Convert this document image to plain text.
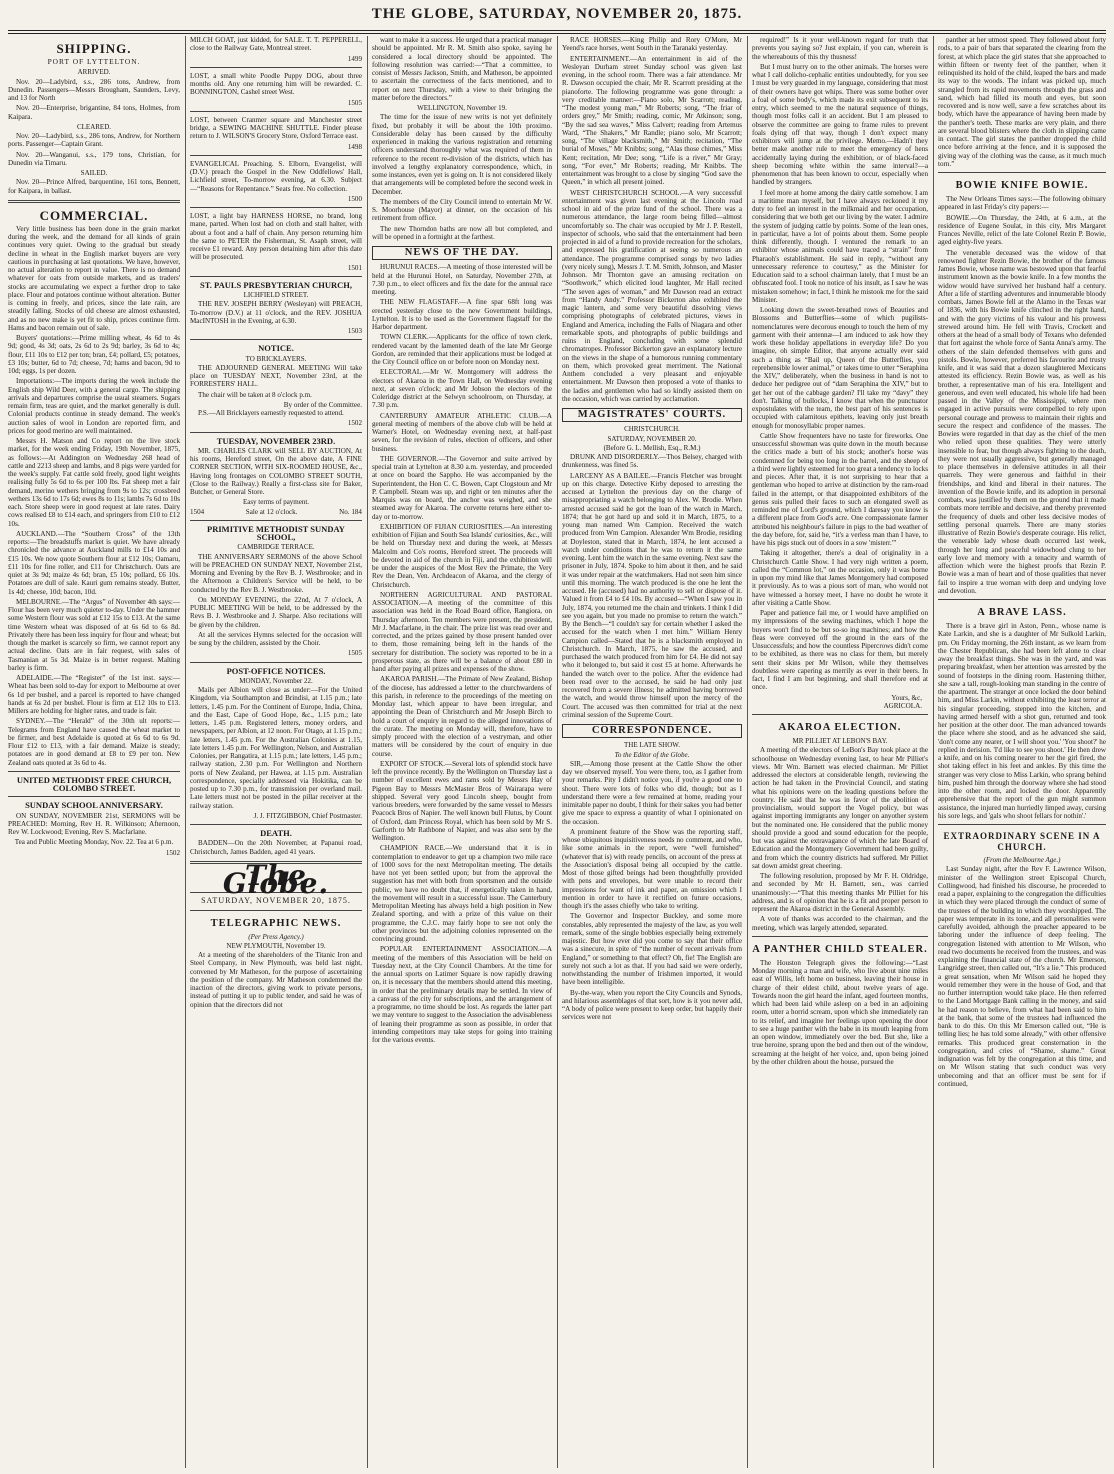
THE GLOBE, SATURDAY, NOVEMBER 20, 1875.
SHIPPING.
PORT OF LYTTELTON.
ARRIVED.

Nov. 20—Ladybird, s.s., 286 tons, Andrew, from Dunedin. Passengers—Messrs Brougham, Saunders, Levy, and 13 for North

Nov. 20—Enterprise, brigantine, 84 tons, Holmes, from Kaipara.

CLEARED.

Nov. 20—Ladybird, s.s., 286 tons, Andrew, for Northern ports. Passenger—Captain Grant.

Nov. 20—Wanganui, s.s., 179 tons, Christian, for Dunedin via Timaru.

SAILED.

Nov. 20—Prince Alfred, barquentine, 161 tons, Bennett, for Kaipara, in ballast.

COMMERCIAL.

Very little business has been done in the grain market during the week, and the demand for all kinds of grain continues very quiet. Owing to the gradual but steady decline in wheat in the English market buyers are very cautious in purchasing at last quotations. We have, however, no actual alteration to report in value. There is no demand whatever for oats from outside markets, and as traders' stocks are accumulating we expect a further drop to take place. Flour and potatoes continue without alteration. Butter is coming in freely, and prices, since the late rain, are steadily falling. Stocks of old cheese are almost exhausted, and as no new make is yet fit to ship, prices continue firm. Hams and bacon remain out of sale.

Buyers' quotations:—Prime milling wheat, 4s 6d to 4s 9d; good, 4s 3d; oats, 2s 6d to 2s 9d; barley, 3s 6d to 4s; flour, £11 10s to £12 per ton; bran, £4; pollard, £5; potatoes, £3 10s; butter, 6d to 7d; cheese, 7d; hams and bacon, 9d to 10d; eggs, 1s per dozen.

Importations:—The imports during the week include the English ship Wild Deer, with a general cargo. The shipping arrivals and departures comprise the usual steamers. Sugars remain firm, teas are quiet, and the market generally is dull. Colonial products continue in steady demand. The week's auction sales of wool in London are reported firm, and prices for good merino are well maintained.

Messrs H. Matson and Co report on the live stock market, for the week ending Friday, 19th November, 1875, as follows:—At Addington on Wednesday 268 head of cattle and 2213 sheep and lambs, and 8 pigs were yarded for the week's supply. Fat cattle sold freely, good light weights realising fully 5s 6d to 6s per 100 lbs. Fat sheep met a fair demand, merino wethers bringing from 9s to 12s; crossbred wethers 13s 6d to 17s 6d; ewes 8s to 11s; lambs 7s 6d to 10s each. Store sheep were in good request at late rates. Dairy cows realised £8 to £14 each, and springers from £10 to £12 10s.

AUCKLAND.—The “Southern Cross” of the 13th reports:—The breadstuffs market is quiet. We have already chronicled the advance at Auckland mills to £14 10s and £15 10s. We now quote Southern flour at £12 10s; Oamaru, £11 10s for fine roller, and £11 for Christchurch. Oats are quiet at 3s 9d; maize 4s 6d; bran, £5 10s; pollard, £6 10s. Potatoes are dull of sale. Kauri gum remains steady. Butter, 1s 4d; cheese, 10d; bacon, 10d.

MELBOURNE.—The “Argus” of November 4th says:—Flour has been very much quieter to-day. Under the hammer some Western flour was sold at £12 15s to £13. At the same time Western wheat was disposed of at 6s 6d to 6s 8d. Privately there has been less inquiry for flour and wheat; but though the market is scarcely so firm, we cannot report any actual decline. Oats are in fair request, with sales of Tasmanian at 5s 3d. Maize is in better request. Malting barley is firm.

ADELAIDE.—The “Register” of the 1st inst. says:—Wheat has been sold to-day for export to Melbourne at over 6s 1d per bushel, and a parcel is reported to have changed hands at 6s 2d per bushel. Flour is firm at £12 10s to £13. Millers are holding for higher rates, and trade is fair.

SYDNEY.—The “Herald” of the 30th ult reports:—Telegrams from England have caused the wheat market to be firmer, and best Adelaide is quoted at 6s 6d to 6s 9d. Flour £12 to £13, with a fair demand. Maize is steady; potatoes are in good demand at £8 to £9 per ton. New Zealand oats quoted at 3s 6d to 4s.

UNITED METHODIST FREE CHURCH, COLOMBO STREET.
SUNDAY SCHOOL ANNIVERSARY.

ON SUNDAY, NOVEMBER 21st, SERMONS will be PREACHED: Morning, Rev H. R. Wilkinson; Afternoon, Rev W. Lockwood; Evening, Rev S. Macfarlane.

Tea and Public Meeting Monday, Nov. 22. Tea at 6 p.m.

1502

MILCH GOAT, just kidded, for SALE. T. T. PEPPERELL, close to the Railway Gate, Montreal street.

1499

LOST, a small white Poodle Puppy DOG, about three months old. Any one returning him will be rewarded. C. BONNINGTON, Cashel street West.

1505

LOST, between Cranmer square and Manchester street bridge, a SEWING MACHINE SHUTTLE. Finder please return to J. WILSON'S Grocery Store, Oxford Terrace east.

1498

EVANGELICAL Preaching. S. Elborn, Evangelist, will (D.V.) preach the Gospel in the New Oddfellows' Hall, Lichfield street, To-morrow evening, at 6.30. Subject—“Reasons for Repentance.” Seats free. No collection.

1500

LOST, a light bay HARNESS HORSE, no brand, long mane, parted. When lost had on cloth and stall halter, with about a foot and a half of chain. Any person returning him the same to PETER the Fisherman, St. Asaph street, will receive £1 reward. Any person detaining him after this date will be prosecuted.

1501
ST. PAULS PRESBYTERIAN CHURCH,
LICHFIELD STREET.

THE REV. JOSEPH BERRY (Wesleyan) will PREACH, To-morrow (D.V.) at 11 o'clock, and the REV. JOSHUA MacINTOSH in the Evening, at 6.30.

1503
NOTICE.
TO BRICKLAYERS.

THE ADJOURNED GENERAL MEETING Will take place on TUESDAY NEXT, November 23rd, at the FORRESTERS' HALL.

The chair will be taken at 8 o'clock p.m.

By order of the Committee.

P.S.—All Bricklayers earnestly requested to attend.

1502
TUESDAY, NOVEMBER 23RD.

MR. CHARLES CLARK will SELL BY AUCTION, At his rooms, Hereford street, On the above date, A FINE CORNER SECTION, WITH SIX-ROOMED HOUSE, &c., Having long frontages on COLOMBO STREET SOUTH, (Close to the Railway.) Really a first-class site for Baker, Butcher, or General Store.

Easy terms of payment.
1504	Sale at 12 o'clock.	No. 184
PRIMITIVE METHODIST SUNDAY SCHOOL,
CAMBRIDGE TERRACE.

THE ANNIVERSARY SERMONS of the above School will be PREACHED ON SUNDAY NEXT, November 21st, Morning and Evening by the Rev B. J. Westbrooke; and in the Afternoon a Children's Service will be held, to be conducted by the Rev B. J. Westbrooke.

On MONDAY EVENING, the 22nd, At 7 o'clock, A PUBLIC MEETING Will be held, to be addressed by the Revs B. J. Westbrooke and J. Sharpe. Also recitations will be given by the children.

At all the services Hymns selected for the occasion will be sung by the children, assisted by the Choir.

1505
POST-OFFICE NOTICES.
MONDAY, November 22.

Mails per Albion will close as under:—For the United Kingdom, via Southampton and Brindisi, at 1.15 p.m.; late letters, 1.45 p.m. For the Continent of Europe, India, China, and the East, Cape of Good Hope, &c., 1.15 p.m.; late letters, 1.45 p.m. Registered letters, money orders, and newspapers, per Albion, at 12 noon. For Otago, at 1.15 p.m.; late letters, 1.45 p.m. For the Australian Colonies at 1.15, late letters 1.45 p.m. For Wellington, Nelson, and Australian Colonies, per Rangatira, at 1.15 p.m.; late letters, 1.45 p.m.; railway station, 2.30 p.m. For Wellington and Northern ports of New Zealand, per Hawea, at 1.15 p.m. Australian correspondence, specially addressed via Hokitika, can be posted up to 7.30 p.m., for transmission per overland mail. Late letters must not be posted in the pillar receiver at the railway station.

J. J. FITZGIBBON, Chief Postmaster.
DEATH.

BADDEN—On the 20th November, at Papanui road, Christchurch, James Badden, aged 41 years.

The Globe.
SATURDAY, NOVEMBER 20, 1875.
TELEGRAPHIC NEWS.
(Per Press Agency.)
NEW PLYMOUTH, November 19.

At a meeting of the shareholders of the Titanic Iron and Steel Company, in New Plymouth, was held last night, convened by Mr Matheson, for the purpose of ascertaining the position of the company. Mr Matheson condemned the inaction of the directors, giving work to private persons, instead of putting it up to public tender, and said he was of opinion that the directors did not

want to make it a success. He urged that a practical manager should be appointed. Mr R. M. Smith also spoke, saying he considered a local directory should be appointed. The following resolution was carried:—“That a committee, to consist of Messrs Jackson, Smith, and Matheson, be appointed to ascertain the correctness of the facts mentioned, and to report on next Thursday, with a view to their bringing the matter before the directors.”

WELLINGTON, November 19.

The time for the issue of new writs is not yet definitely fixed, but probably it will be about the 10th proximo. Considerable delay has been caused by the difficulty experienced in making the various registration and returning officers understand thoroughly what was required of them in reference to the recent re-division of the districts, which has involved a lengthy explanatory correspondence, which, in some instances, even yet is going on. It is not considered likely that arrangements will be completed before the second week in December.

The members of the City Council intend to entertain Mr W. S. Moorhouse (Mayor) at dinner, on the occasion of his retirement from office.

The new Thorndon baths are now all but completed, and will be opened in a fortnight at the farthest.

NEWS OF THE DAY.

HURUNUI RACES.—A meeting of those interested will be held at the Hurunui Hotel, on Saturday, November 27th, at 7.30 p.m., to elect officers and fix the date for the annual race meeting.

THE NEW FLAGSTAFF.—A fine spar 68ft long was erected yesterday close to the new Government buildings, Lyttelton. It is to be used as the Government flagstaff for the Harbor department.

TOWN CLERK.—Applicants for the office of town clerk, rendered vacant by the lamented death of the late Mr George Gordon, are reminded that their applications must be lodged at the City Council office on or before noon on Monday next.

ELECTORAL.—Mr W. Montgomery will address the electors of Akaroa in the Town Hall, on Wednesday evening next, at seven o'clock; and Mr Jobson the electors of the Coleridge district at the Selwyn schoolroom, on Thursday, at 7.30 p.m.

CANTERBURY AMATEUR ATHLETIC CLUB.—A general meeting of members of the above club will be held at Warner's Hotel, on Wednesday evening next, at half-past seven, for the revision of rules, election of officers, and other business.

THE GOVERNOR.—The Governor and suite arrived by special train at Lyttelton at 8.30 a.m. yesterday, and proceeded at once on board the Sappho. He was accompanied by the Superintendent, the Hon C. C. Bowen, Capt Clogstoun and Mr P. Campbell. Steam was up, and right or ten minutes after the Marquis was on board, the anchor was weighed, and she steamed away for Akaroa. The corvette returns here either to-day or to-morrow.

EXHIBITION OF FIJIAN CURIOSITIES.—An interesting exhibition of Fijian and South Sea Islands' curiosities, &c., will be held on Thursday next and during the week, at Messrs Malcolm and Co's rooms, Hereford street. The proceeds will be devoted in aid of the church in Fiji, and the exhibition will be under the auspices of the Most Rev the Primate, the Very Rev the Dean, Ven. Archdeacon of Akaroa, and the clergy of Christchurch.

NORTHERN AGRICULTURAL AND PASTORAL ASSOCIATION.—A meeting of the committee of this association was held in the Road Board office, Rangiora, on Thursday afternoon. Ten members were present, the president, Mr J. Macfarlane, in the chair. The prize list was read over and corrected, and the prizes gained by those present handed over to them, those remaining being left in the hands of the secretary for distribution. The society was reported to be in a prosperous state, as there will be a balance of about £80 in hand after paying all prizes and expenses of the show.

AKAROA PARISH.—The Primate of New Zealand, Bishop of the diocese, has addressed a letter to the churchwardens of this parish, in reference to the proceedings of the meeting on Monday last, which appear to have been irregular, and appointing the Dean of Christchurch and Mr Joseph Birch to hold a court of enquiry in regard to the alleged innovations of the curate. The meeting on Monday will, therefore, have to simply proceed with the election of a vestryman, and other matters will be considered by the court of enquiry in due course.

EXPORT OF STOCK.—Several lots of splendid stock have left the province recently. By the Wellington on Thursday last a number of excellent ewes and rams sold by Messrs Hay of Pigeon Bay to Messrs McMaster Bros of Wairarapa were shipped. Several very good Lincoln sheep, bought from various breeders, were forwarded by the same vessel to Messrs Peacock Bros of Napier. The well known bull Flutus, by Count of Oxford, dam Princess Royal, which has been sold by Mr S. Garforth to Mr Rathbone of Napier, and was also sent by the Wellington.

CHAMPION RACE.—We understand that it is in contemplation to endeavor to get up a champion two mile race of 1000 sovs for the next Metropolitan meeting. The details have not yet been settled upon; but from the approval the suggestion has met with both from sportsmen and the outside public, we have no doubt that, if energetically taken in hand, the movement will result in a successful issue. The Canterbury Metropolitan Meeting has always held a high position in New Zealand sporting, and with a prize of this value on their programme, the C.J.C. may fairly hope to see not only the other provinces but the adjoining colonies represented on the convincing ground.

POPULAR ENTERTAINMENT ASSOCIATION.—A meeting of the members of this Association will be held on Tuesday next, at the City Council Chambers. At the time for the annual sports on Latimer Square is now rapidly drawing on, it is necessary that the members should attend this meeting, in order that the preliminary details may be settled. In view of a canvass of the city for subscriptions, and the arrangement of a programme, no time should be lost. As regards the latter part we may venture to suggest to the Association the advisableness of leaning their programme as soon as possible, in order that intending competitors may take steps for going into training for the various events.

RACE HORSES.—King Philip and Rory O'More, Mr Yeend's race horses, went South in the Taranaki yesterday.

ENTERTAINMENT.—An entertainment in aid of the Wesleyan Durham street Sunday school was given last evening, in the school room. There was a fair attendance. Mr R. Dawson occupied the chair, Mr R. Scarrott presiding at the pianoforte. The following programme was gone through: a very creditable manner:—Piano solo, Mr Scarrott; reading, “The modest young man,” Mr Roberts; song, “The friar of orders grey,” Mr Smith; reading, comic, Mr Atkinson; song, “By the sad sea waves,” Miss Calvert; reading from Artemus Ward, “The Shakers,” Mr Randle; piano solo, Mr Scarrott; song, “The village blacksmith,” Mr Smith; recitation, “The burial of Moses,” Mr Knibbs; song, “Alas those chimes,” Miss Kent; recitation, Mr Dee; song, “Life is a river,” Mr Gray; song, “For ever,” Mr Roberts; reading, Mr Knibbs. The entertainment was brought to a close by singing “God save the Queen,” in which all present joined.

WEST CHRISTCHURCH SCHOOL.—A very successful entertainment was given last evening at the Lincoln road school in aid of the prize fund of the school. There was a numerous attendance, the large room being filled—almost uncomfortably so. The chair was occupied by Mr J. P. Restell, inspector of schools, who said that the entertainment had been projected in aid of a fund to provide recreation for the scholars, and expressed his gratification at seeing so numerous an attendance. The programme comprised songs by two ladies (very nicely sung), Messrs J. T. M. Smith, Johnson, and Master Johnson. Mr Thornton gave an amusing recitation on “Soothwork,” which elicited loud laughter, Mr Hall recited “The seven ages of woman,” and Mr Dawson read an extract from “Handy Andy.” Professor Bickerton also exhibited the magic lantern, and some very beautiful dissolving views comprising photographs of celebrated pictures, views in England and America, including the Falls of Niagara and other remarkable spots, and photographs of public buildings and ruins in England, concluding with some splendid chromatropes. Professor Bickerton gave an explanatory lecture on the views in the shape of a humorous running commentary on them, which provoked great merriment. The National Anthem concluded a very pleasant and enjoyable entertainment. Mr Dawson then proposed a vote of thanks to the ladies and gentlemen who had so kindly assisted them on the occasion, which was carried by acclamation.

MAGISTRATES' COURTS.
CHRISTCHURCH.
SATURDAY, NOVEMBER 20.
(Before G. L. Mellish, Esq., R.M.)

DRUNK AND DISORDERLY.—Thos Belsey, charged with drunkenness, was fined 5s.

LARCENY AS A BAILEE.—Francis Fletcher was brought up on this charge. Detective Kirby deposed to arresting the accused at Lyttelton the previous day on the charge of misappropriating a watch belonging to Alex. W. Brodie. When arrested accused said he got the loan of the watch in March, 1874; that he got hard up and sold it in March, 1875, to a young man named Wm Campion. Received the watch produced from Wm Campion. Alexander Wm Brodie, residing at Doyleston, stated that in March, 1874, he lent accused a watch under conditions that he was to return it the same evening. Lent him the watch in the same evening. Next saw the prisoner in July, 1874. Spoke to him about it then, and he said it was under repair at the watchmakers. Had not seen him since until this morning. The watch produced is the one he lent the accused. He (accused) had no authority to sell or dispose of it. Valued it from £4 to £4 10s. By accused—“When I saw you in July, 1874, you returned me the chain and trinkets. I think I did see you again, but you made no promise to return the watch.” By the Bench—“I couldn't say for certain whether I asked the accused for the watch when I met him.” William Henry Campion called—Stated that he is a blacksmith employed in Christchurch. In March, 1875, he saw the accused, and purchased the watch produced from him for £4. He did not say who it belonged to, but said it cost £5 at home. Afterwards he handed the watch over to the police. After the evidence had been read over to the accused, he said he had only just recovered from a severe illness; he admitted having borrowed the watch, and would throw himself upon the mercy of the Court. The accused was then committed for trial at the next criminal session of the Supreme Court.

CORRESPONDENCE.
THE LATE SHOW.
To the Editor of the Globe.

SIR,—Among those present at the Cattle Show the other day we observed myself. You were there, too, as I gather from your remarks. Pity I didn't notice you, if you're a good one to shout. There were lots of folks who did, though; but as I understand there were a few remained at home, reading your inimitable paper no doubt, I think for their sakes you had better give me space to express a quantity of what I opinionated on the occasion.

A prominent feature of the Show was the reporting staff, whose ubiquitous inquisitiveness needs no comment, and who, like some animals in the report, were “well furnished” (whatever that is) with ready pencils, on account of the press at the Association's disposal being all occupied by the cattle. Most of those gifted beings had been thoughtfully provided with pens and envelopes, but were unable to record their impressions for want of ink and paper, an omission which I mention in order to have it rectified on future occasions, though it's the asses chiefly who take to writing.

The Governor and Inspector Buckley, and some more constables, ably represented the majesty of the law, as you well remark, some of the single bobbies especially being extremely majestic. But how ever did you come to say that their office was a sinecure, in spite of “the number of recent arrivals from England,” or something to that effect? Oh, fie! The English are surely not such a lot as that. If you had said we were orderly, notwithstanding the number of Irishmen imported, it would have been intelligible.

By-the-way, when you report the City Councils and Synods, and hilarious assemblages of that sort, how is it you never add, “A body of police were present to keep order, but happily their services were not

required!” Is it your well-known regard for truth that prevents you saying so? Just explain, if you can, wherein is the whereabouts of this thy thusness!

But I must hurry on to the other animals. The horses were what I call dolicho-cephalic entities undoubtedly, for you see I must be very guarded in my language, considering that most of their owners have got whips. There was some bother over a foal of some body's, which made its exit subsequent to its entry, which seemed to me the natural sequence of things, though most folks call it an accident. But I am pleased to observe the committee are going to frame rules to prevent foals dying off that way, though I don't expect many exhibitors will jump at the privilege. Memo.—Hadn't they better make another rule to meet the emergency of hens accidentally laying during the exhibition, or of black-faced sheep becoming white within the same interval?—a phenomenon that has been known to occur, especially when handled by strangers.

I feel more at home among the dairy cattle somehow. I am a maritime man myself, but I have always reckoned it my duty to feel an interest in the milkmaid and her occupation, considering that we both get our living by the water. I admire the system of judging cattle by points. Some of the lean ones, in particular, have a lot of points about them. Some people think differently, though. I ventured the remark to an exhibitor whose animals could have traced a “strain” from Pharaoh's establishment. He said in reply, “without any unnecessary reference to courtesy,” as the Minister for Education said to a school chairman lately, that I must be an obfuscated fool. I took no notice of his insult, as I saw he was mistaken somehow; in fact, I think he mistook me for the said Minister.

Looking down the sweet-breathed rows of Beauties and Blossoms and Butterflies—some of which pugilists-nomenclatures were decorous enough to touch the hem of my garment with their antennæ—I am induced to ask how they work these holiday appellations in everyday life? Do you imagine, oh simple Editor, that anyone actually ever said such a thing as “Bail up, Queen of the Butterflies, you reprehensible lower animal,” or takes time to utter “Seraphina the XIV,” deliberately, when the business in hand is not to deduce her pedigree out of “dam Seraphina the XIV,” but to get her out of the cabbage garden? I'll take my “davy” they don't. Talking of bullocks, I know that when the punctuator expostulates with the team, the best part of his sentences is occupied with calamitous epithets, leaving only just breath enough for monosyllabic proper names.

Cattle Show frequenters have no taste for fireworks. One unsuccessful showman was quite down in the mouth because the critics made a butt of his stock; another's horse was condemned for being too long in the barrel, and the sheep of a third were lightly esteemed for too great a tendency to locks and pieces. After that, it is not surprising to hear that a gentleman who hoped to arrive at distinction by the ram-road failed in the attempt, or that disappointed exhibitors of the genus suis pulled their faces to such an elongated swell as reminded me of Lord's ground, which I daresay you know is a different place from God's acre. One compassionate farmer attributed his neighbour's failure in pigs to the bad weather of the day before, for, said he, “it's a verless man than I have, to have his pigs stuck out of doors in a sow 'misterr.'”

Taking it altogether, there's a deal of originality in a Christchurch Cattle Show. I had very nigh written a poem, called the “Common lot,” on the occasion, only it was borne in upon my mind like that James Montgomery had composed it previously. As to was a pious sort of man, who would not have witnessed a horsey meet, I have no doubt he wrote it after visiting a Cattle Show.

Paper and patience fail me, or I would have amplified on my impressions of the sewing machines, which I hope the buyers won't find to be but so-so ing machines; and how the fleas were conveyed off the ground in the ears of the Unsuccessfuls; and how the countless Pipercrows didn't come to be exhibited, as there was no class for them, but merely sent their skins per Mr Wilson, while they themselves doubtless were capering as merrily as ever in their beers. In fact, I find I am but beginning, and shall therefore end at once.

Yours, &c,
AGRICOLA.
AKAROA ELECTION.
MR PILLIET AT LEBON'S BAY.

A meeting of the electors of LeBon's Bay took place at the schoolhouse on Wednesday evening last, to hear Mr Pilliet's views. Mr Wm. Barnett was elected chairman. Mr Pilliet addressed the electors at considerable length, reviewing the action he had taken in the Provincial Council, and stating what his opinions were on the leading questions before the country. He said that he was in favor of the abolition of provincialism, would support the Vogel policy, but was against importing immigrants any longer on anyother system but the nominated one. He considered that the public money should provide a good and sound education for the people, but was against the extravagance of which the late Board of Education and the Montgomery Government had been guilty, and from which the country districts had suffered. Mr Pilliet sat down amidst great cheering.

The following resolution, proposed by Mr F. H. Oldridge, and seconded by Mr H. Barnett, sen., was carried unanimously:—“That this meeting thanks Mr Pilliet for his address, and is of opinion that he is a fit and proper person to represent the Akaroa district in the General Assembly.

A vote of thanks was accorded to the chairman, and the meeting, which was largely attended, separated.

A PANTHER CHILD STEALER.

The Houston Telegraph gives the following:—“Last Monday morning a man and wife, who live about nine miles east of Willis, left home on business, leaving their house in charge of their eldest child, about twelve years of age. Towards noon the girl heard the infant, aged fourteen months, which had been laid while asleep on a bed in an adjoining room, utter a horrid scream, upon which she immediately ran to its relief, and imagine her feelings upon opening the door to see a huge panther with the babe in its mouth leaping from an open window, immediately over the bed. But she, like a true heroine, sprang upon the bed and then out of the window, screaming at the height of her voice, and, upon being joined by the other children about the house, pursued the

panther at her utmost speed. They followed about forty rods, to a pair of bars that separated the clearing from the forest, at which place the girl states that she approached to within fifteen or twenty feet of the panther, when it relinquished its hold of the child, leaped the bars and made its way to the woods. The infant was picked up, much strangled from its rapid movements through the grass and sand, which had filled its mouth and eyes, but soon recovered and is now well, save a few scratches about its body, which have the appearance of having been made by the panther's teeth. These marks are very plain, and there are several blood blisters where the cloth in slipping came in contact. The girl states the panther dropped the child once before arriving at the fence, and it is supposed the giving way of the clothing was the cause, as it much much torn.”

BOWIE KNIFE BOWIE.

The New Orleans Times says:—The following obituary appeared in last Friday's city papers:—

BOWIE.—On Thursday, the 24th, at 6 a.m., at the residence of Eugene Soulat, in this city, Mrs Margaret Frances Neville, relict of the late Colonel Rezin P. Bowie, aged eighty-five years.

The venerable deceased was the widow of that renowned fighter Rezin Bowie, the brother of the famous James Bowie, whose name was bestowed upon that fearful instrument known as the bowie knife. In a few months the widow would have survived her husband half a century. After a life of startling adventures and innumerable bloody combats, James Bowie fell at the Alamo in the Texas war of 1836, with his Bowie knife clinched in the right hand, and with the gory victims of his valour and his prowess strewed around him. He fell with Travis, Crockett and others at the head of a small body of Texans who defended that fort against the whole force of Santa Anna's army. The others of the slain defended themselves with guns and pistols. Bowie, however, preferred his favourite and trusty knife, and it was said that a dozen slaughtered Mexicans attested its efficiency. Rezin Bowie was, as well as his brother, a representative man of his era. Intelligent and generous, and even well educated, his whole life had been passed in the Valley of the Mississippi, where men engaged in active pursuits were compelled to rely upon personal courage and prowess to maintain their rights and secure the respect and confidence of the masses. The Bowies were regarded in that day as the chief of the men who relied upon these qualities. They were utterly insensible to fear, but though always fighting to the death, they were not usually aggressive, but generally managed to place themselves in defensive attitudes in all their quarrels. They were generous and faithful in their friendships, and kind and liberal in their natures. The invention of the Bowie knife, and its adoption in personal combats, was justified by them on the ground that it made combats more terrible and decisive, and thereby prevented the frequency of duels and other less decisive modes of settling personal quarrels. There are many stories illustrative of Rezin Bowie's desperate courage. His relict, the venerable lady whose death occurred last week, through her long and peaceful widowhood clung to her early love and memory with a tenacity and warmth of affection which were the highest proofs that Rezin P. Bowie was a man of heart and of those qualities that never fail to inspire a true woman with deep and undying love and devotion.

A BRAVE LASS.

There is a brave girl in Aston, Penn., whose name is Kate Larkin, and she is a daughter of Mr Sulkold Larkin, pm. On Friday morning, the 26th instant, as we learn from the Chester Republican, she had been left alone to clear away the breakfast things. She was in the yard, and was preparing breakfast, when her attention was arrested by the sound of footsteps in the dining room. Hastening thither, she saw a tall, rough-looking man standing in the centre of the apartment. The stranger at once locked the door behind him, and Miss Larkin, without exhibiting the least terror at his singular proceeding, stepped into the kitchen, and having armed herself with a shot gun, returned and took her position at the other door. The man advanced towards the place where she stood, and as he advanced she said, 'don't come any nearer, or I will shoot you.' 'You shoot?' he replied in derision. 'I'd like to see you shoot.' He then drew a knife, and on his coming nearer to her the girl fired, the shot taking effect in his feet and ankles. By this time the stranger was very close to Miss Larkin, who sprang behind him, pushed him through the doorway where she had stood into the other room, and locked the door. Apparently apprehensive that the report of the gun might summon assistance, the injured man hurriedly limped away, cursing his sore legs, and 'gals who shoot fellars for nothin'.'

EXTRAORDINARY SCENE IN A CHURCH.
(From the Melbourne Age.)

Last Sunday night, after the Rev F. Lawrence Wilson, minister of the Wellington street Episcopal Church, Collingwood, had finished his discourse, he proceeded to read a paper, explaining to the congregation the difficulties in which they were placed through the conduct of some of the trustees of the building in which they worshipped. The paper was temperate in its tone, and all personalities were carefully avoided, although the preacher appeared to be laboring under the influence of deep feeling. The congregation listened with attention to Mr Wilson, who read two documents he received from the trustees, and was explaining the financial state of the church. Mr Emerson, Langridge street, then called out, “It's a lie.” This produced a great sensation, when Mr Wilson said he hoped they would remember they were in the house of God, and that no further interruption would take place. He then referred to the Land Mortgage Bank calling in the money, and said he had reason to believe, from what had been said to him at the bank, that some of the trustees had influenced the bank to do this. On this Mr Emerson called out, “He is telling lies; he has told some already,” with other offensive remarks. This produced great consternation in the congregation, and cries of “Shame, shame.” Great indignation was felt by the congregation at this time, and on Mr Wilson stating that such conduct was very unbecoming and that an officer must be sent for if continued,
